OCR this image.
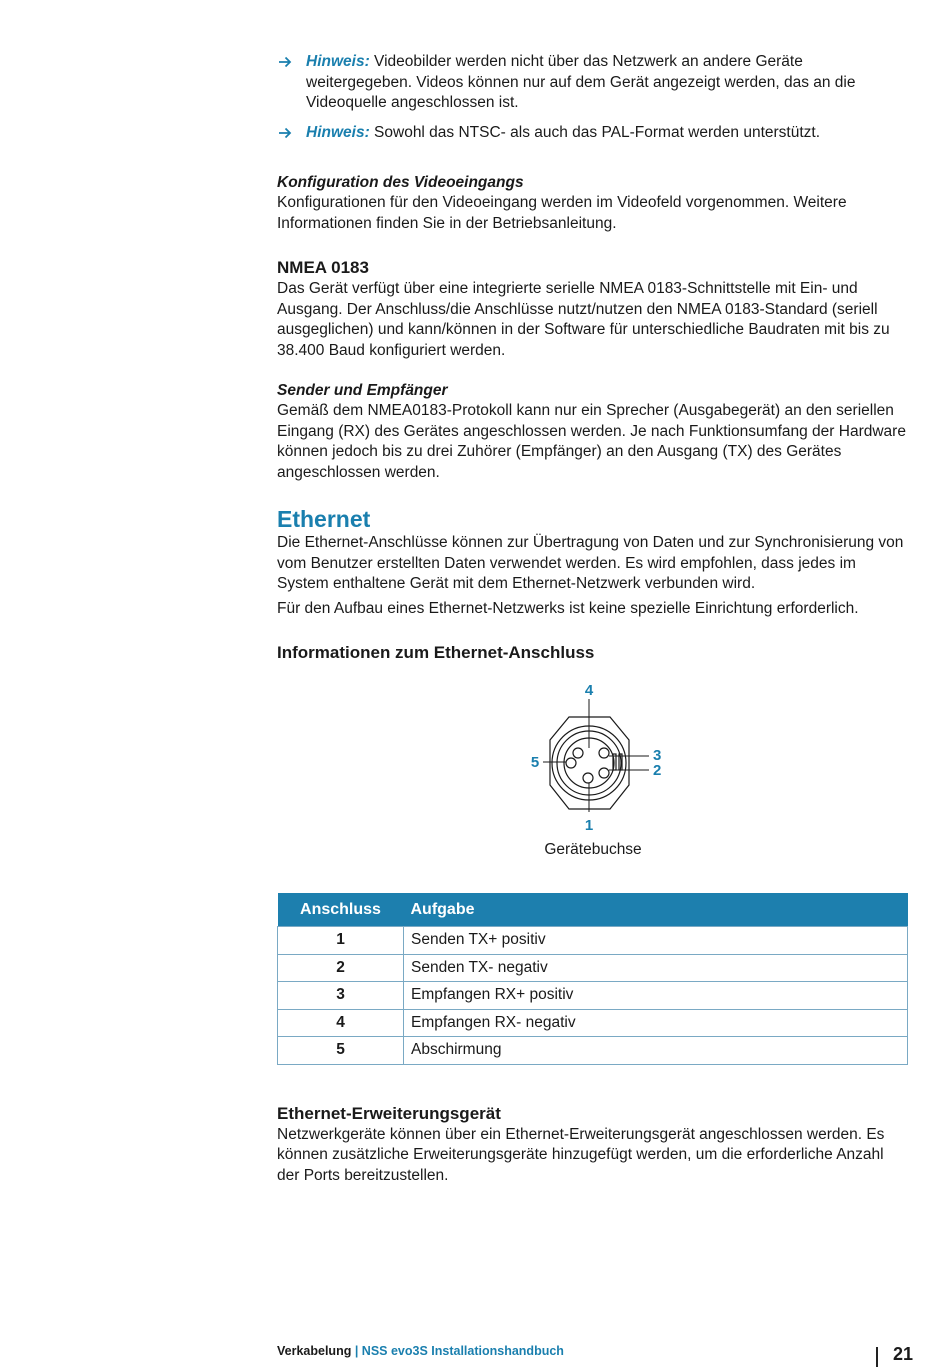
Hinweis: Videobilder werden nicht über das Netzwerk an andere Geräte weitergegeben. Videos können nur auf dem Gerät angezeigt werden, das an die Videoquelle angeschlossen ist.

Hinweis: Sowohl das NTSC- als auch das PAL-Format werden unterstützt.

Konfiguration des Videoeingangs

Konfigurationen für den Videoeingang werden im Videofeld vorgenommen. Weitere Informationen finden Sie in der Betriebsanleitung.

NMEA 0183

Das Gerät verfügt über eine integrierte serielle NMEA 0183-Schnittstelle mit Ein- und Ausgang. Der Anschluss/die Anschlüsse nutzt/nutzen den NMEA 0183-Standard (seriell ausgeglichen) und kann/können in der Software für unterschiedliche Baudraten mit bis zu 38.400 Baud konfiguriert werden.

Sender und Empfänger

Gemäß dem NMEA0183-Protokoll kann nur ein Sprecher (Ausgabegerät) an den seriellen Eingang (RX) des Gerätes angeschlossen werden. Je nach Funktionsumfang der Hardware können jedoch bis zu drei Zuhörer (Empfänger) an den Ausgang (TX) des Gerätes angeschlossen werden.

Ethernet

Die Ethernet-Anschlüsse können zur Übertragung von Daten und zur Synchronisierung von vom Benutzer erstellten Daten verwendet werden. Es wird empfohlen, dass jedes im System enthaltene Gerät mit dem Ethernet-Netzwerk verbunden wird.

Für den Aufbau eines Ethernet-Netzwerks ist keine spezielle Einrichtung erforderlich.

Informationen zum Ethernet-Anschluss
4
5	3
2
1

Gerätebuchse

Anschluss	Aufgabe
1	Senden TX+ positiv
2	Senden TX- negativ
3	Empfangen RX+ positiv
4	Empfangen RX- negativ
5	Abschirmung
Ethernet-Erweiterungsgerät

Netzwerkgeräte können über ein Ethernet-Erweiterungsgerät angeschlossen werden. Es können zusätzliche Erweiterungsgeräte hinzugefügt werden, um die erforderliche Anzahl der Ports bereitzustellen.

Verkabelung | NSS evo3S Installationshandbuch	21
